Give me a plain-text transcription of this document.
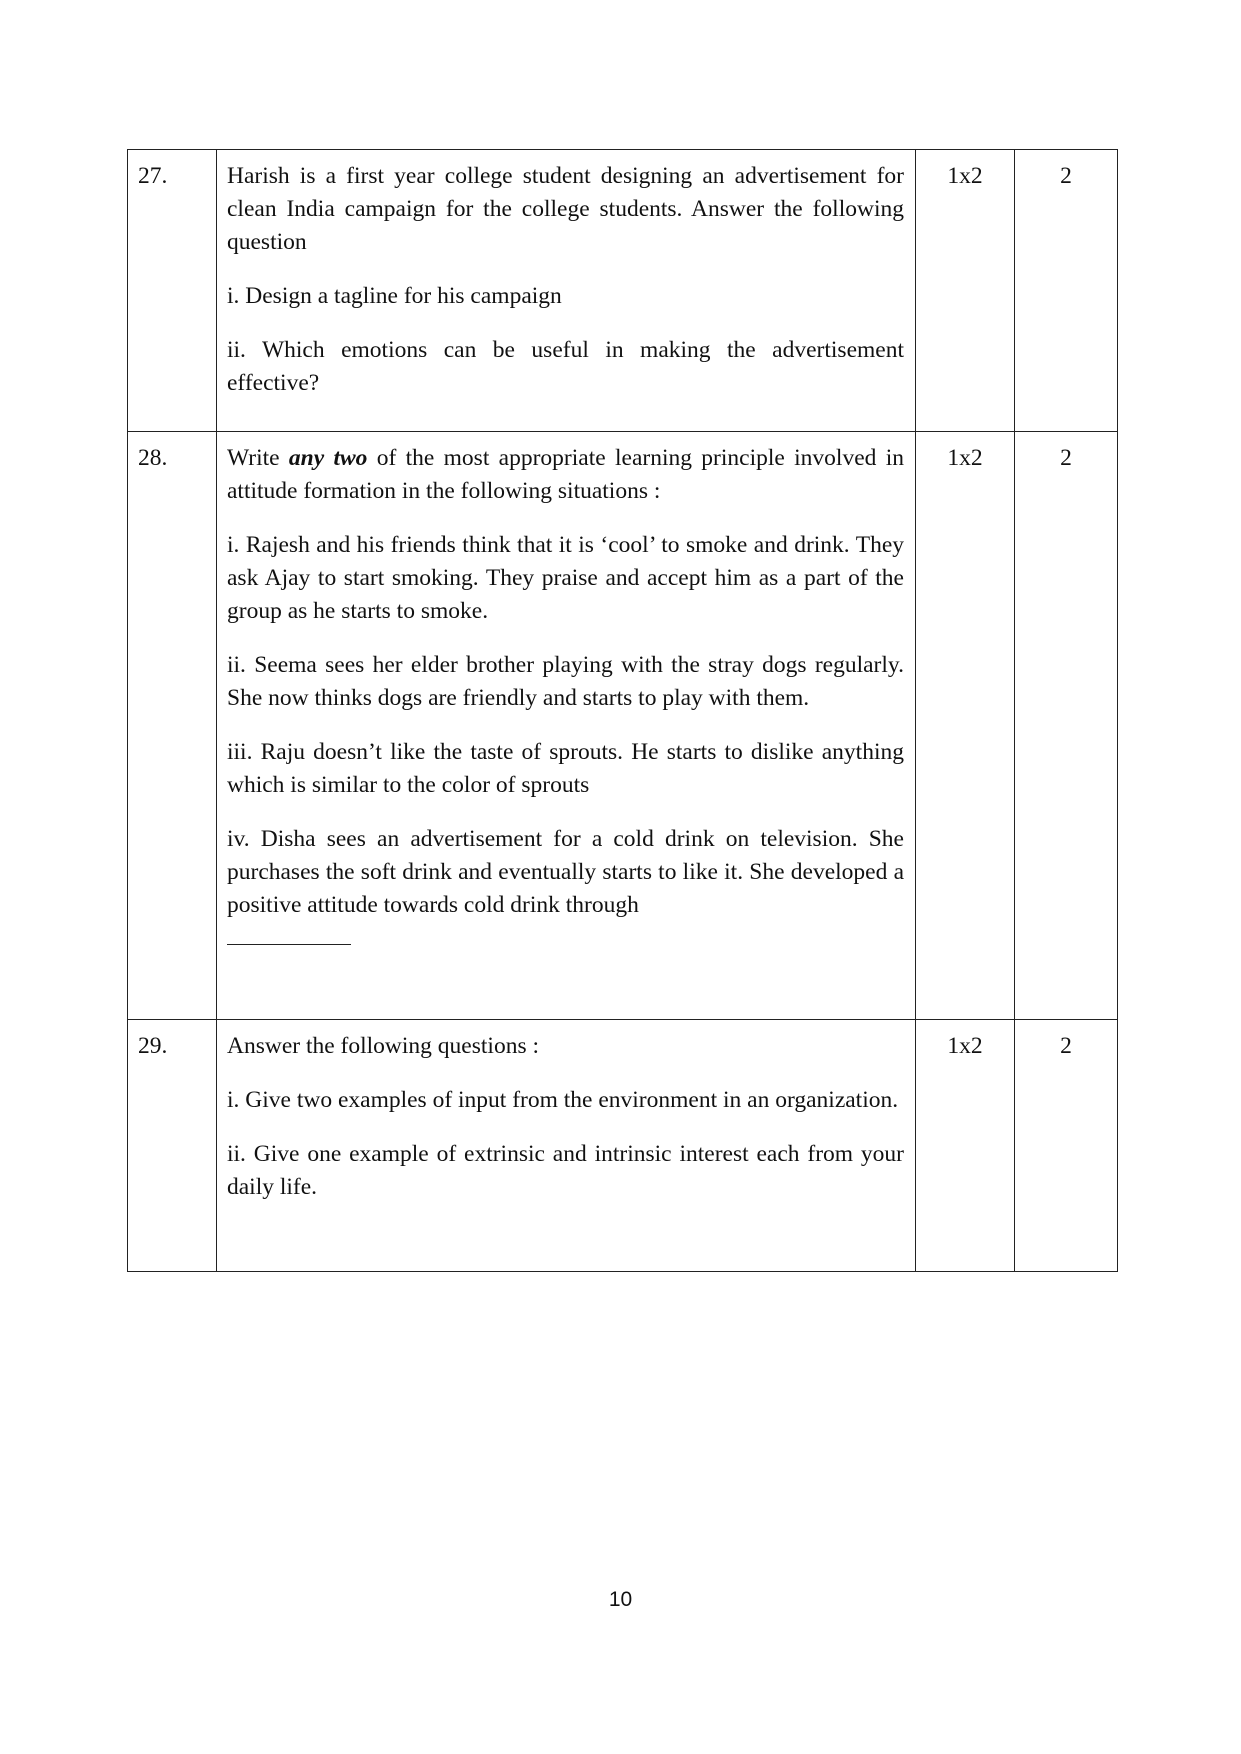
27.	Harish is a first year college student designing an advertisement for clean India campaign for the college students. Answer the following question

i. Design a tagline for his campaign

ii. Which emotions can be useful in making the advertisement effective?	1x2	2
28.	Write any two of the most appropriate learning principle involved in attitude formation in the following situations :

i. Rajesh and his friends think that it is ‘cool’ to smoke and drink. They ask Ajay to start smoking. They praise and accept him as a part of the group as he starts to smoke.

ii. Seema sees her elder brother playing with the stray dogs regularly. She now thinks dogs are friendly and starts to play with them.

iii. Raju doesn’t like the taste of sprouts. He starts to dislike anything which is similar to the color of sprouts

iv. Disha sees an advertisement for a cold drink on television. She purchases the soft drink and eventually starts to like it. She developed a positive attitude towards cold drink through	1x2	2
29.	Answer the following questions :

i. Give two examples of input from the environment in an organization.

ii. Give one example of extrinsic and intrinsic interest each from your daily life.	1x2	2
10
